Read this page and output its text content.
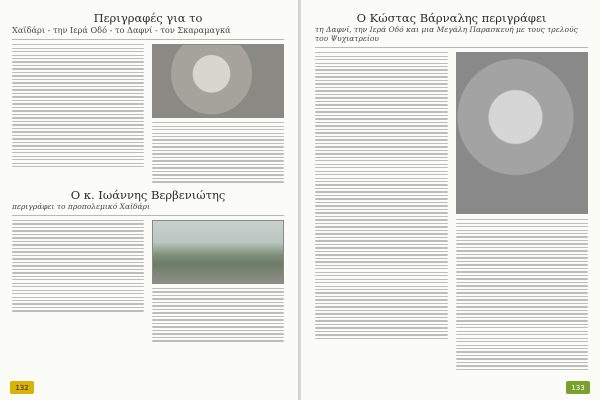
Περιγραφές για το
Χαϊδάρι - την Ιερά Οδό - το Δαφνί - τον Σκαραμαγκά
Ο κ. Ιωάννης Βερβενιώτης
περιγράφει το προπολεμικό Χαϊδάρι
132
Ο Κώστας Βάρναλης περιγράφει
τη Δαφνί, την Ιερά Οδό και μια Μεγάλη Παρασκευή με τους τρελούς του Ψυχιατρείου
133
